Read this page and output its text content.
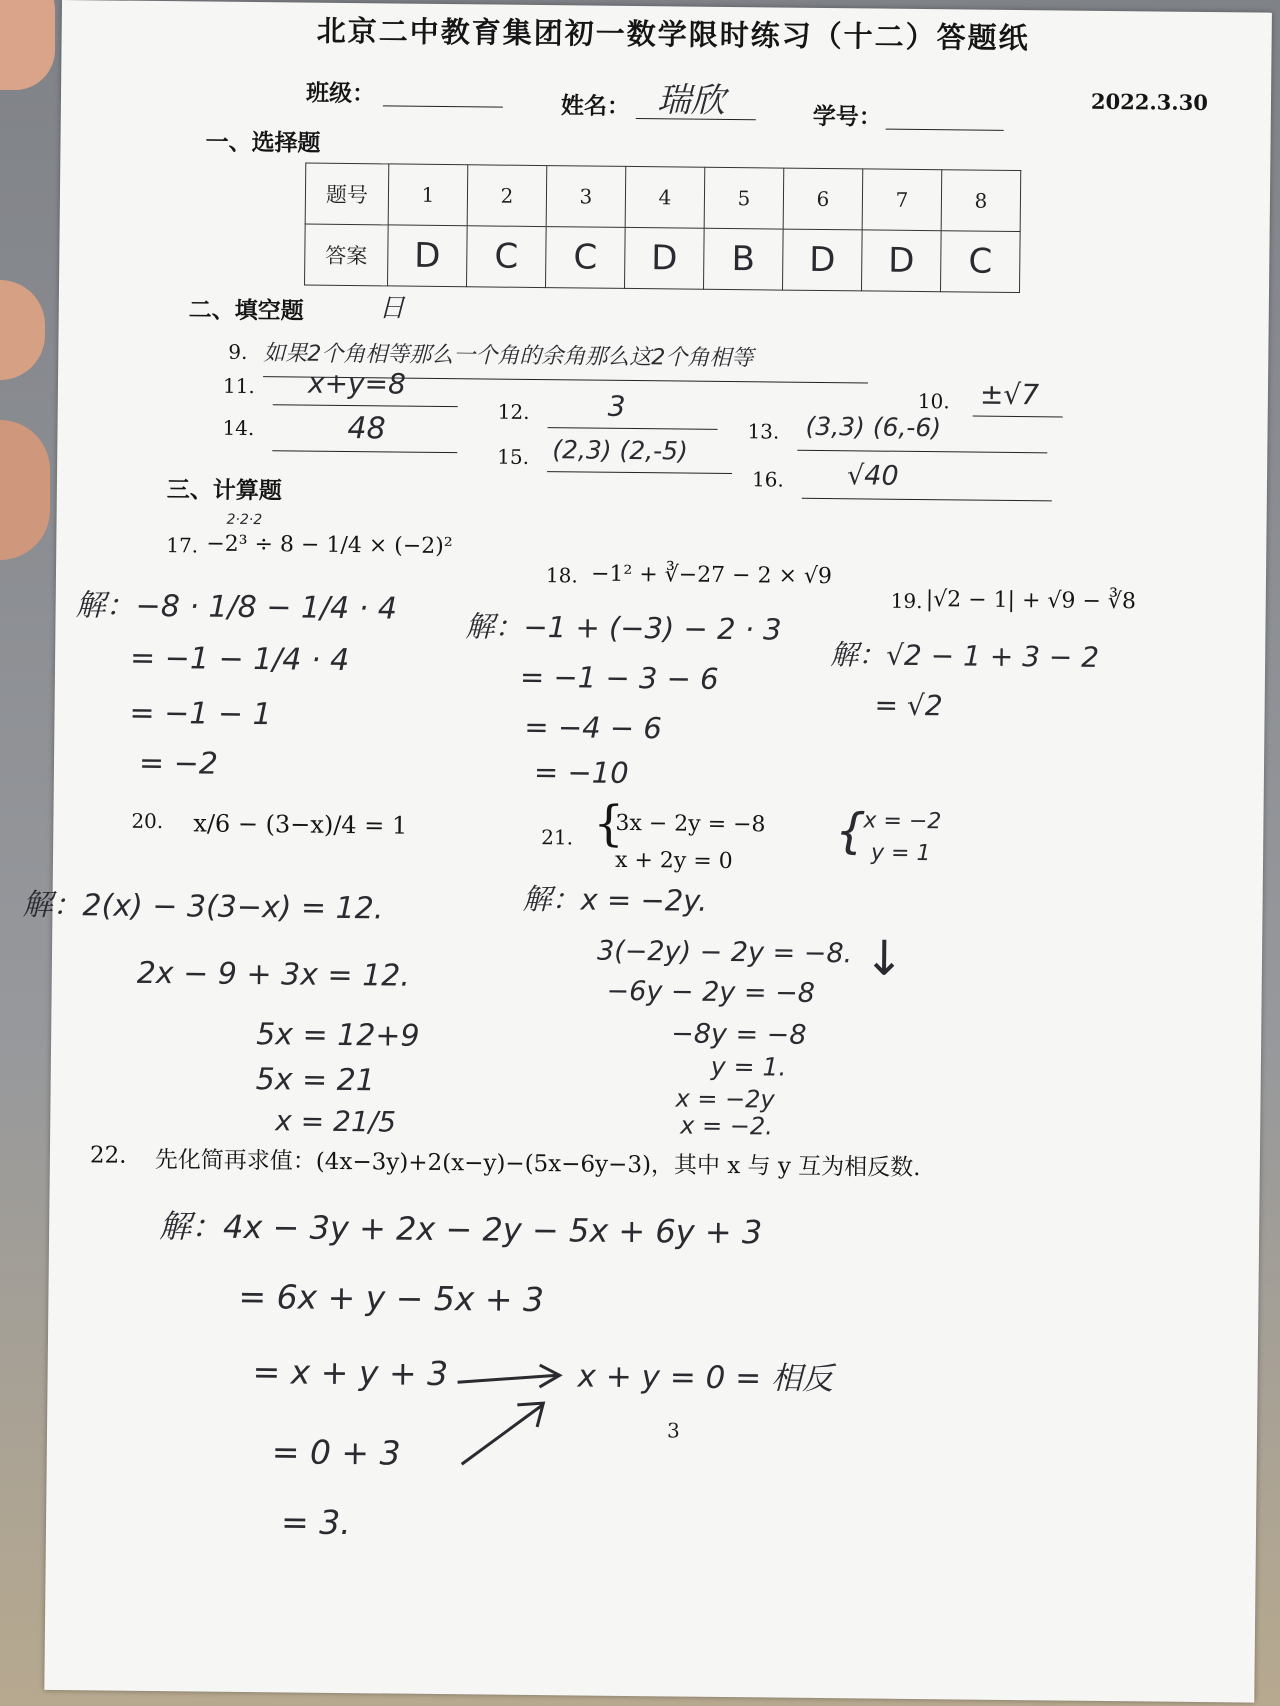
北京二中教育集团初一数学限时练习（十二）答题纸
2022.3.30
班级：	姓名： 瑞欣	学号：
一、选择题
题号	1	2	3	4	5	6	7	8
答案	D	C	C	D	B	D	D	C
二、填空题	日
9. 如果2个角相等那么一个角的余角那么这2个角相等
10. ±√7
11. x+y=8
12.	3
13. (3,3) (6,-6)
14.	48
15. (2,3) (2,-5)
16. √40
三、计算题
2·2·2
17. −2³ ÷ 8 − 1/4 × (−2)²
解：−8 · 1/8 − 1/4 · 4
= −1 − 1/4 · 4
= −1 − 1
= −2
18. −1² + ∛−27 − 2 × √9
解：−1 + (−3) − 2 · 3
= −1 − 3 − 6
= −4 − 6
= −10
19. |√2 − 1| + √9 − ∛8
解：√2 − 1 + 3 − 2
= √2
20. x/6 − (3−x)/4 = 1
解：2(x) − 3(3−x) = 12.
2x − 9 + 3x = 12.
5x = 12+9
5x = 21
x = 21/5
21. {
3x − 2y = −8
x + 2y = 0
{
x = −2
y = 1
↓
解：x = −2y.
3(−2y) − 2y = −8.
−6y − 2y = −8
−8y = −8
y = 1.
x = −2y
x = −2.
22. 先化简再求值：(4x−3y)+2(x−y)−(5x−6y−3)，其中 x 与 y 互为相反数.
解：4x − 3y + 2x − 2y − 5x + 6y + 3
= 6x + y − 5x + 3
= x + y + 3
= 0 + 3
= 3.
x + y = 0 = 相反
3
